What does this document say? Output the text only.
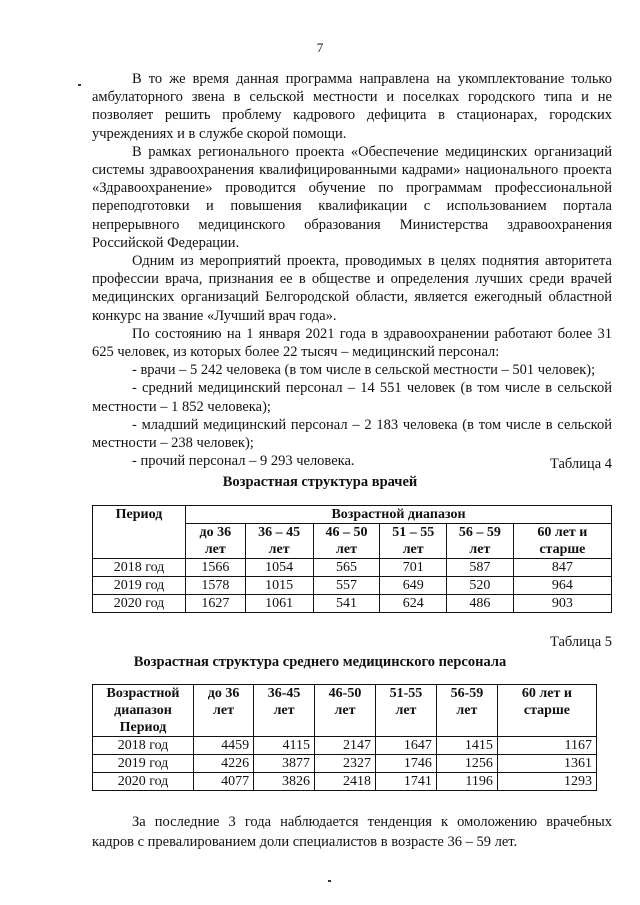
7

В то же время данная программа направлена на укомплектование только амбулаторного звена в сельской местности и поселках городского типа и не позволяет решить проблему кадрового дефицита в стационарах, городских учреждениях и в службе скорой помощи.

В рамках регионального проекта «Обеспечение медицинских организаций системы здравоохранения квалифицированными кадрами» национального проекта «Здравоохранение» проводится обучение по программам профессиональной переподготовки и повышения квалификации с использованием портала непрерывного медицинского образования Министерства здравоохранения Российской Федерации.

Одним из мероприятий проекта, проводимых в целях поднятия авторитета профессии врача, признания ее в обществе и определения лучших среди врачей медицинских организаций Белгородской области, является ежегодный областной конкурс на звание «Лучший врач года».

По состоянию на 1 января 2021 года в здравоохранении работают более 31 625 человек, из которых более 22 тысяч – медицинский персонал:

- врачи – 5 242 человека (в том числе в сельской местности – 501 человек);

- средний медицинский персонал – 14 551 человек (в том числе в сельской местности – 1 852 человека);

- младший медицинский персонал – 2 183 человека (в том числе в сельской местности – 238 человек);

- прочий персонал – 9 293 человека.	Таблица 4
Возрастная структура врачей
Период	Возрастной диапазон					
	до 36 лет	36 – 45 лет	46 – 50 лет	51 – 55 лет	56 – 59 лет	60 лет и старше
2018 год	1566	1054	565	701	587	847
2019 год	1578	1015	557	649	520	964
2020 год	1627	1061	541	624	486	903
Таблица 5
Возрастная структура среднего медицинского персонала
Возрастной диапазон	до 36 лет	36-45 лет	46-50 лет	51-55 лет	56-59 лет	60 лет и старше
Период						
2018 год	4459	4115	2147	1647	1415	1167
2019 год	4226	3877	2327	1746	1256	1361
2020 год	4077	3826	2418	1741	1196	1293

За последние 3 года наблюдается тенденция к омоложению врачебных кадров с превалированием доли специалистов в возрасте 36 – 59 лет.
